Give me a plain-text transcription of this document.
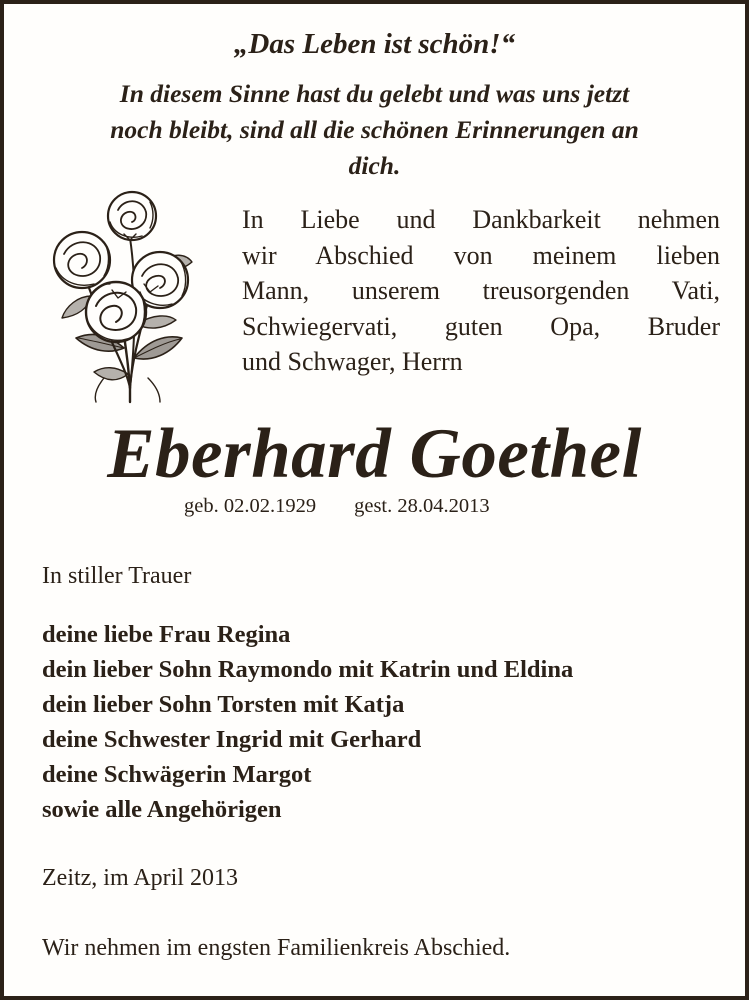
„Das Leben ist schön!“
In diesem Sinne hast du gelebt und was uns jetzt
noch bleibt, sind all die schönen Erinnerungen an
dich.
In Liebe und Dankbarkeit nehmen
wir Abschied von meinem lieben
Mann, unserem treusorgenden Vati,
Schwiegervati, guten Opa, Bruder
und Schwager, Herrn
Eberhard Goethel
geb. 02.02.1929 gest. 28.04.2013
In stiller Trauer
deine liebe Frau Regina
dein lieber Sohn Raymondo mit Katrin und Eldina
dein lieber Sohn Torsten mit Katja
deine Schwester Ingrid mit Gerhard
deine Schwägerin Margot
sowie alle Angehörigen
Zeitz, im April 2013
Wir nehmen im engsten Familienkreis Abschied.
